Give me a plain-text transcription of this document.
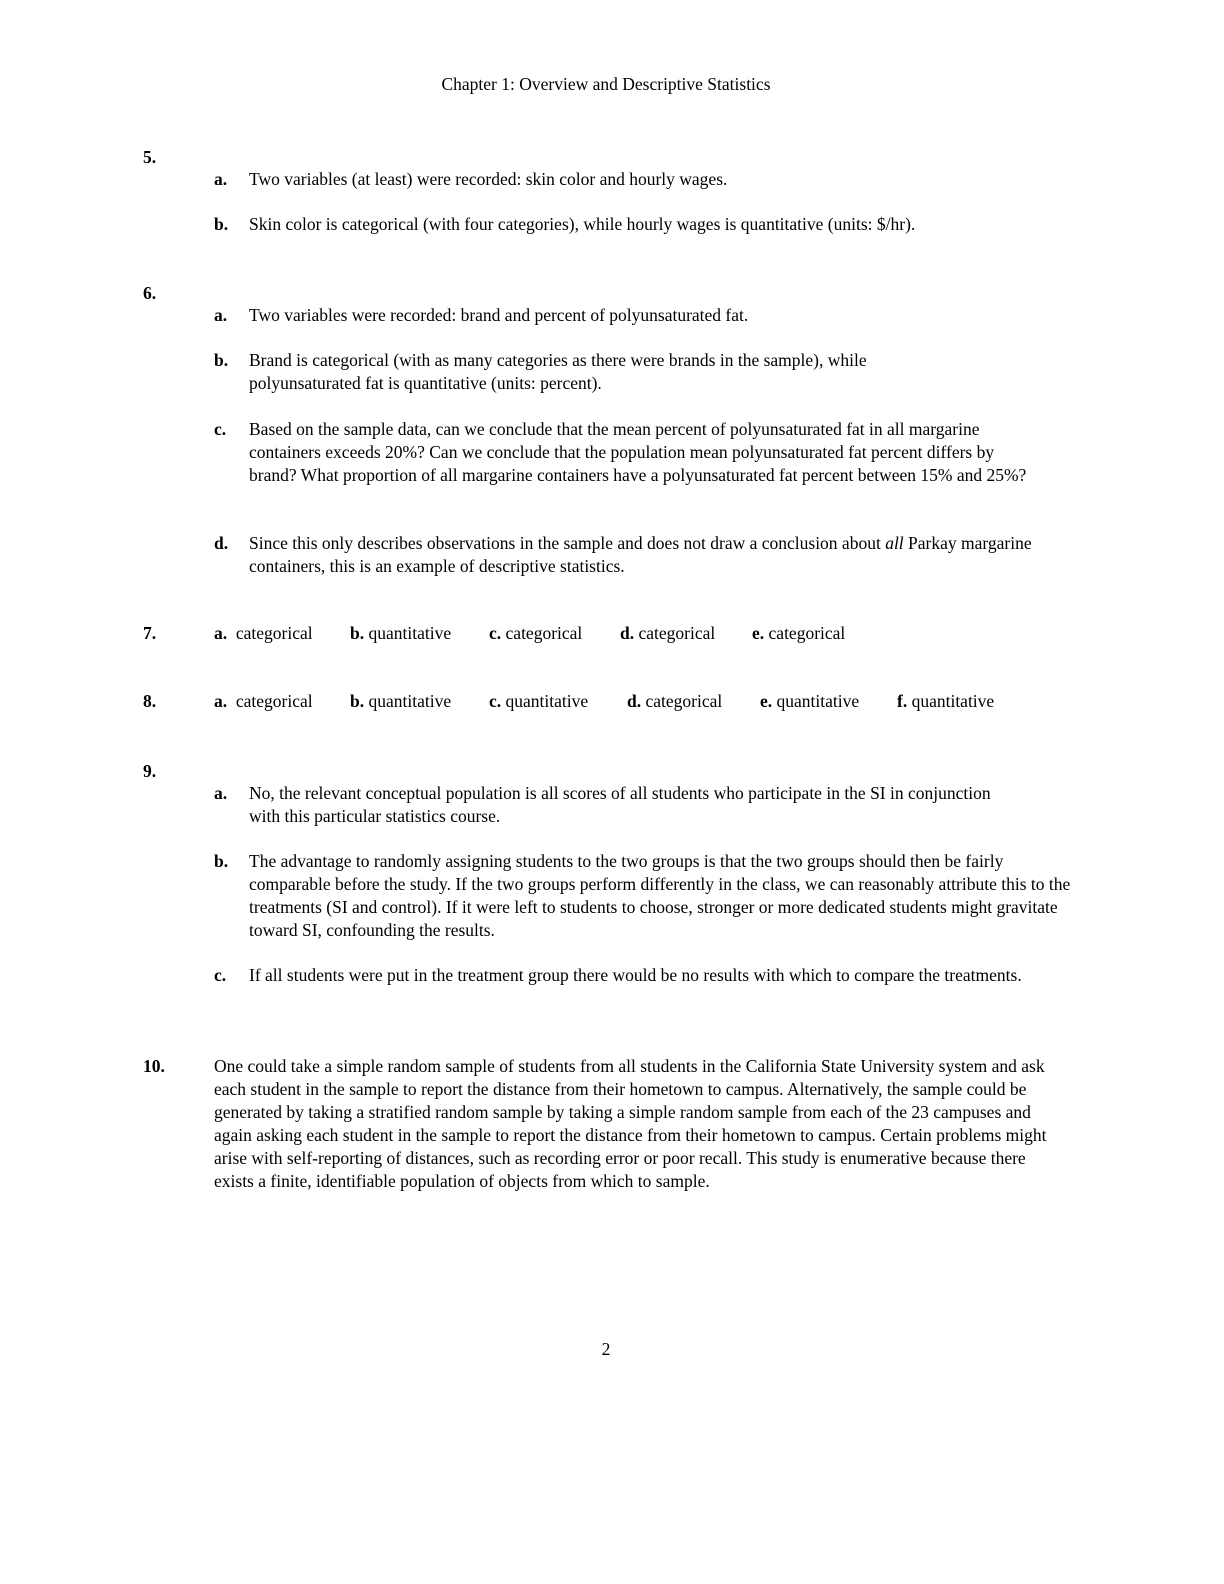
Chapter 1: Overview and Descriptive Statistics
5.
a. Two variables (at least) were recorded: skin color and hourly wages.
b. Skin color is categorical (with four categories), while hourly wages is quantitative (units: $/hr).
6.
a. Two variables were recorded: brand and percent of polyunsaturated fat.
b. Brand is categorical (with as many categories as there were brands in the sample), while polyunsaturated fat is quantitative (units: percent).
c. Based on the sample data, can we conclude that the mean percent of polyunsaturated fat in all margarine containers exceeds 20%? Can we conclude that the population mean polyunsaturated fat percent differs by brand? What proportion of all margarine containers have a polyunsaturated fat percent between 15% and 25%?
d. Since this only describes observations in the sample and does not draw a conclusion about all Parkay margarine containers, this is an example of descriptive statistics.
7.	a. categorical b. quantitative c. categorical d. categorical e. categorical
8.	a. categorical b. quantitative c. quantitative d. categorical e. quantitative f. quantitative
9.
a. No, the relevant conceptual population is all scores of all students who participate in the SI in conjunction with this particular statistics course.
b. The advantage to randomly assigning students to the two groups is that the two groups should then be fairly comparable before the study. If the two groups perform differently in the class, we can reasonably attribute this to the treatments (SI and control). If it were left to students to choose, stronger or more dedicated students might gravitate toward SI, confounding the results.
c. If all students were put in the treatment group there would be no results with which to compare the treatments.
10.	One could take a simple random sample of students from all students in the California State University system and ask each student in the sample to report the distance from their hometown to campus. Alternatively, the sample could be generated by taking a stratified random sample by taking a simple random sample from each of the 23 campuses and again asking each student in the sample to report the distance from their hometown to campus. Certain problems might arise with self-reporting of distances, such as recording error or poor recall. This study is enumerative because there exists a finite, identifiable population of objects from which to sample.
2
